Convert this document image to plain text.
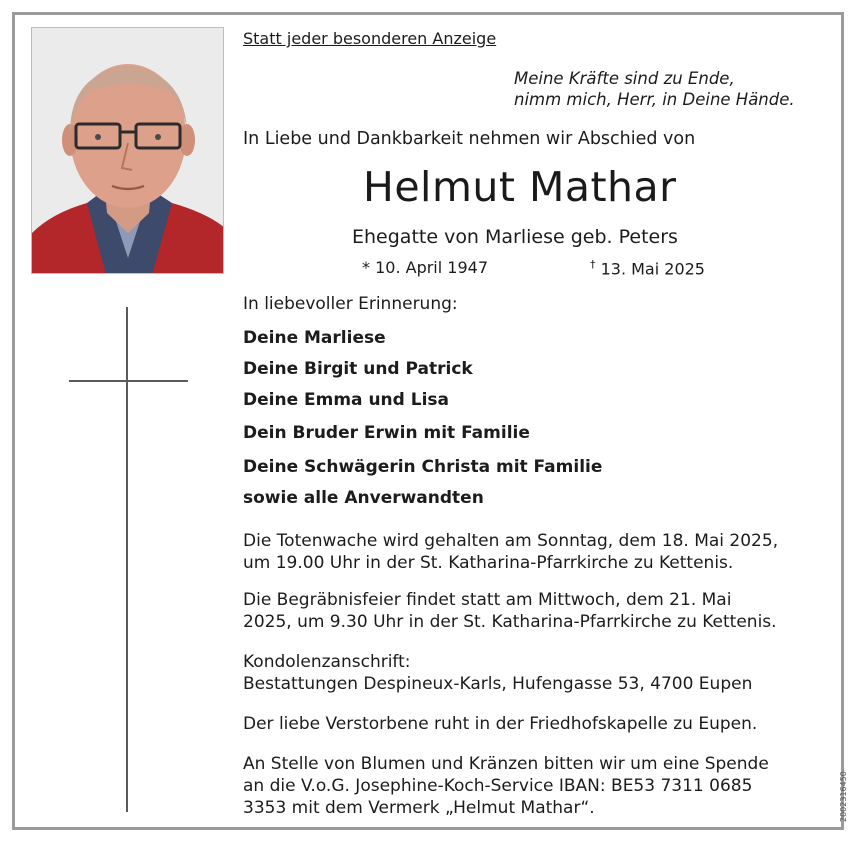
Statt jeder besonderen Anzeige
Meine Kräfte sind zu Ende,
nimm mich, Herr, in Deine Hände.
In Liebe und Dankbarkeit nehmen wir Abschied von
Helmut Mathar
Ehegatte von Marliese geb. Peters
* 10. April 1947	† 13. Mai 2025
In liebevoller Erinnerung:
Deine Marliese
Deine Birgit und Patrick
Deine Emma und Lisa
Dein Bruder Erwin mit Familie
Deine Schwägerin Christa mit Familie
sowie alle Anverwandten
Die Totenwache wird gehalten am Sonntag, dem 18. Mai 2025,
um 19.00 Uhr in der St. Katharina-Pfarrkirche zu Kettenis.
Die Begräbnisfeier findet statt am Mittwoch, dem 21. Mai
2025, um 9.30 Uhr in der St. Katharina-Pfarrkirche zu Kettenis.
Kondolenzanschrift:
Bestattungen Despineux-Karls, Hufengasse 53, 4700 Eupen
Der liebe Verstorbene ruht in der Friedhofskapelle zu Eupen.
An Stelle von Blumen und Kränzen bitten wir um eine Spende
an die V.o.G. Josephine-Koch-Service IBAN: BE53 7311 0685
3353 mit dem Vermerk „Helmut Mathar“.	2002316450
